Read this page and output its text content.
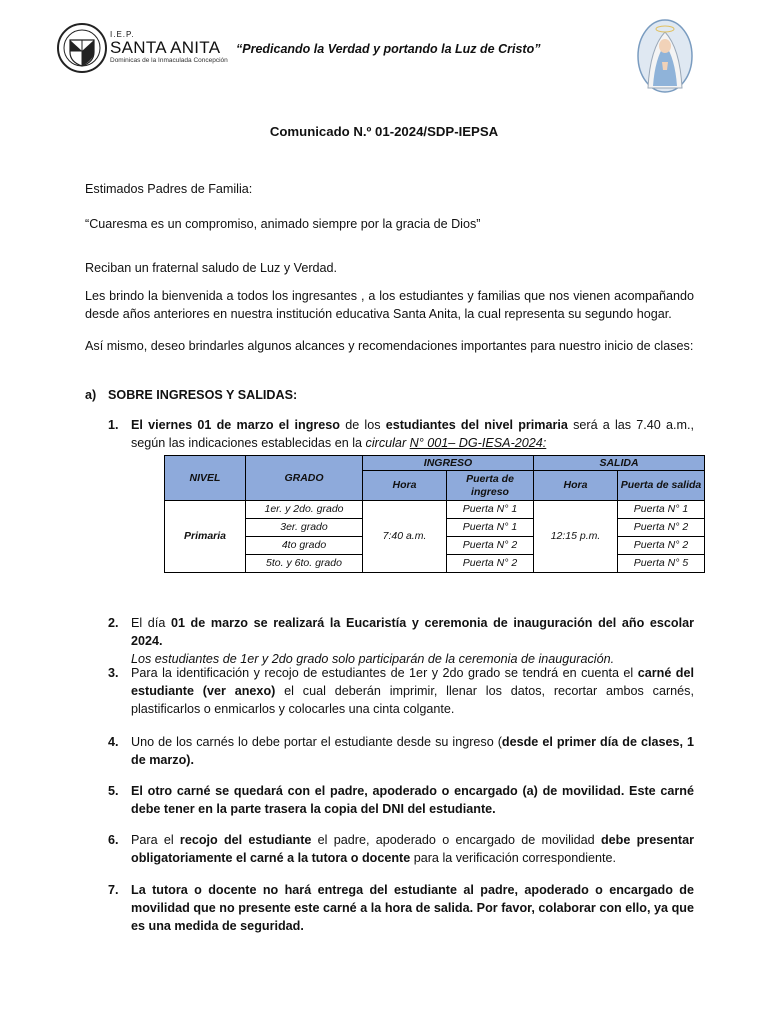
I.E.P.
SANTA ANITA
Dominicas de la Inmaculada Concepción
“Predicando la Verdad y portando la Luz de Cristo”
Comunicado N.º 01-2024/SDP-IEPSA
Estimados Padres de Familia:
“Cuaresma es un compromiso, animado siempre por la gracia de Dios”
Reciban un fraternal saludo de Luz y Verdad.
Les brindo la bienvenida a todos los ingresantes , a los estudiantes y familias que nos vienen acompañando desde años anteriores en nuestra institución educativa Santa Anita, la cual representa su segundo hogar.
Así mismo, deseo brindarles algunos alcances y recomendaciones importantes para nuestro inicio de clases:
a) SOBRE INGRESOS Y SALIDAS:
1. El viernes 01 de marzo el ingreso de los estudiantes del nivel primaria será a las 7.40 a.m., según las indicaciones establecidas en la circular N° 001– DG-IESA-2024:
NIVEL	GRADO	INGRESO		SALIDA	
		Hora	Puerta de ingreso	Hora	Puerta de salida
Primaria	1er. y 2do. grado	7:40 a.m.	Puerta N° 1	12:15 p.m.	Puerta N° 1
	3er. grado		Puerta N° 1		Puerta N° 2
	4to grado		Puerta N° 2		Puerta N° 2
	5to. y 6to. grado		Puerta N° 2		Puerta N° 5
2. El día 01 de marzo se realizará la Eucaristía y ceremonia de inauguración del año escolar 2024.
Los estudiantes de 1er y 2do grado solo participarán de la ceremonia de inauguración.
3. Para la identificación y recojo de estudiantes de 1er y 2do grado se tendrá en cuenta el carné del estudiante (ver anexo) el cual deberán imprimir, llenar los datos, recortar ambos carnés, plastificarlos o enmicarlos y colocarles una cinta colgante.
4. Uno de los carnés lo debe portar el estudiante desde su ingreso (desde el primer día de clases, 1 de marzo).
5. El otro carné se quedará con el padre, apoderado o encargado (a) de movilidad. Este carné debe tener en la parte trasera la copia del DNI del estudiante.
6. Para el recojo del estudiante el padre, apoderado o encargado de movilidad debe presentar obligatoriamente el carné a la tutora o docente para la verificación correspondiente.
7. La tutora o docente no hará entrega del estudiante al padre, apoderado o encargado de movilidad que no presente este carné a la hora de salida. Por favor, colaborar con ello, ya que es una medida de seguridad.
